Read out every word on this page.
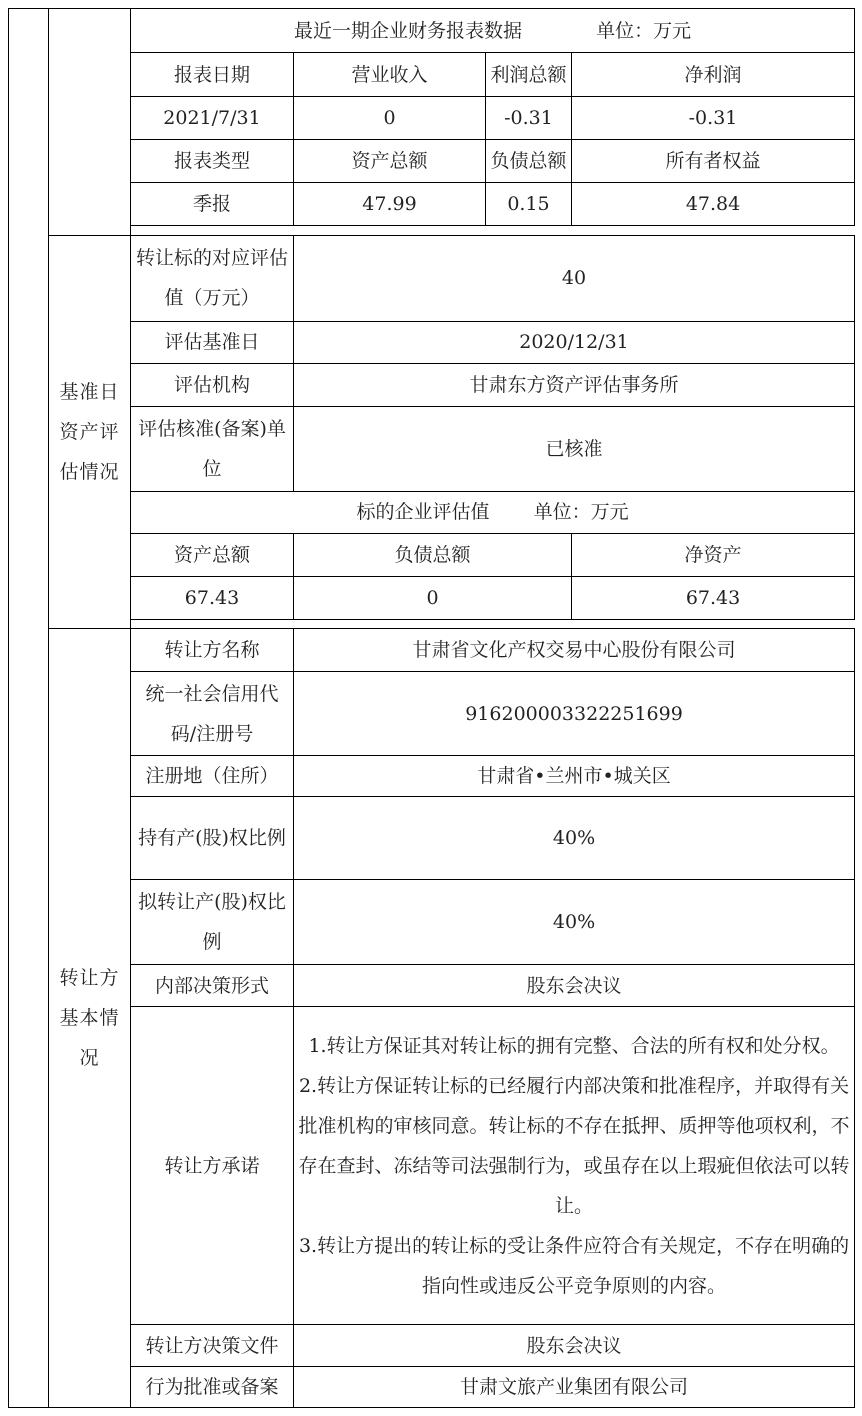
		最近一期企业财务报表数据 单位：万元			
		报表日期	营业收入	利润总额	净利润
		2021/7/31	0	-0.31	-0.31
		报表类型	资产总额	负债总额	所有者权益
		季报	47.99	0.15	47.84

	基准日资产评估情况	转让标的对应评估值（万元）	40		
		评估基准日	2020/12/31		
		评估机构	甘肃东方资产评估事务所		
		评估核准(备案)单位	已核准		
		标的企业评估值 单位：万元			
		资产总额	负债总额		净资产
		67.43	0		67.43

	转让方基本情况	转让方名称	甘肃省文化产权交易中心股份有限公司		
		统一社会信用代码/注册号	916200003322251699		
		注册地（住所）	甘肃省•兰州市•城关区		
		持有产(股)权比例	40%		
		拟转让产(股)权比例	40%		
		内部决策形式	股东会决议		
		转让方承诺	1.转让方保证其对转让标的拥有完整、合法的所有权和处分权。

2.转让方保证转让标的已经履行内部决策和批准程序，并取得有关批准机构的审核同意。转让标的不存在抵押、质押等他项权利，不存在查封、冻结等司法强制行为，或虽存在以上瑕疵但依法可以转让。

3.转让方提出的转让标的受让条件应符合有关规定，不存在明确的指向性或违反公平竞争原则的内容。		

		转让方决策文件	股东会决议		
		行为批准或备案	甘肃文旅产业集团有限公司		
